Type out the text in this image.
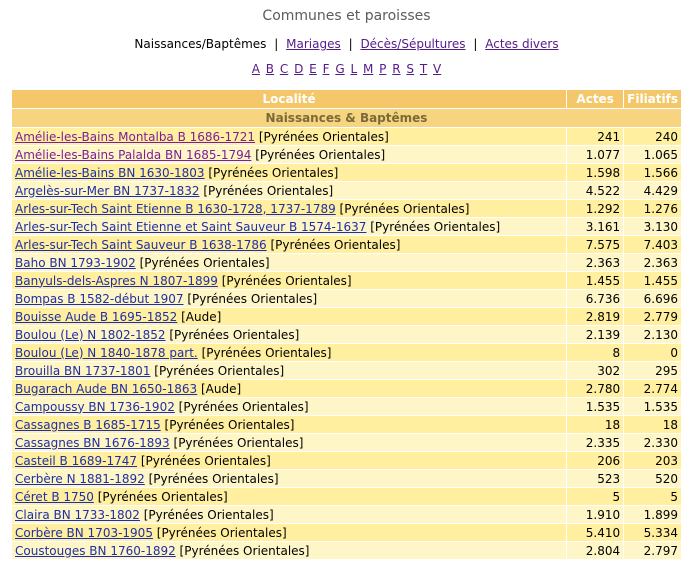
Communes et paroisses
Naissances/Baptêmes | Mariages | Décès/Sépultures | Actes divers
A B C D E F G L M P R S T V
Localité	Actes	Filiatifs
Naissances & Baptêmes		
Amélie-les-Bains Montalba B 1686-1721 [Pyrénées Orientales]	241	240
Amélie-les-Bains Palalda BN 1685-1794 [Pyrénées Orientales]	1.077	1.065
Amélie-les-Bains BN 1630-1803 [Pyrénées Orientales]	1.598	1.566
Argelès-sur-Mer BN 1737-1832 [Pyrénées Orientales]	4.522	4.429
Arles-sur-Tech Saint Etienne B 1630-1728, 1737-1789 [Pyrénées Orientales]	1.292	1.276
Arles-sur-Tech Saint Etienne et Saint Sauveur B 1574-1637 [Pyrénées Orientales]	3.161	3.130
Arles-sur-Tech Saint Sauveur B 1638-1786 [Pyrénées Orientales]	7.575	7.403
Baho BN 1793-1902 [Pyrénées Orientales]	2.363	2.363
Banyuls-dels-Aspres N 1807-1899 [Pyrénées Orientales]	1.455	1.455
Bompas B 1582-début 1907 [Pyrénées Orientales]	6.736	6.696
Bouisse Aude B 1695-1852 [Aude]	2.819	2.779
Boulou (Le) N 1802-1852 [Pyrénées Orientales]	2.139	2.130
Boulou (Le) N 1840-1878 part. [Pyrénées Orientales]	8	0
Brouilla BN 1737-1801 [Pyrénées Orientales]	302	295
Bugarach Aude BN 1650-1863 [Aude]	2.780	2.774
Campoussy BN 1736-1902 [Pyrénées Orientales]	1.535	1.535
Cassagnes B 1685-1715 [Pyrénées Orientales]	18	18
Cassagnes BN 1676-1893 [Pyrénées Orientales]	2.335	2.330
Casteil B 1689-1747 [Pyrénées Orientales]	206	203
Cerbère N 1881-1892 [Pyrénées Orientales]	523	520
Céret B 1750 [Pyrénées Orientales]	5	5
Claira BN 1733-1802 [Pyrénées Orientales]	1.910	1.899
Corbère BN 1703-1905 [Pyrénées Orientales]	5.410	5.334
Coustouges BN 1760-1892 [Pyrénées Orientales]	2.804	2.797
